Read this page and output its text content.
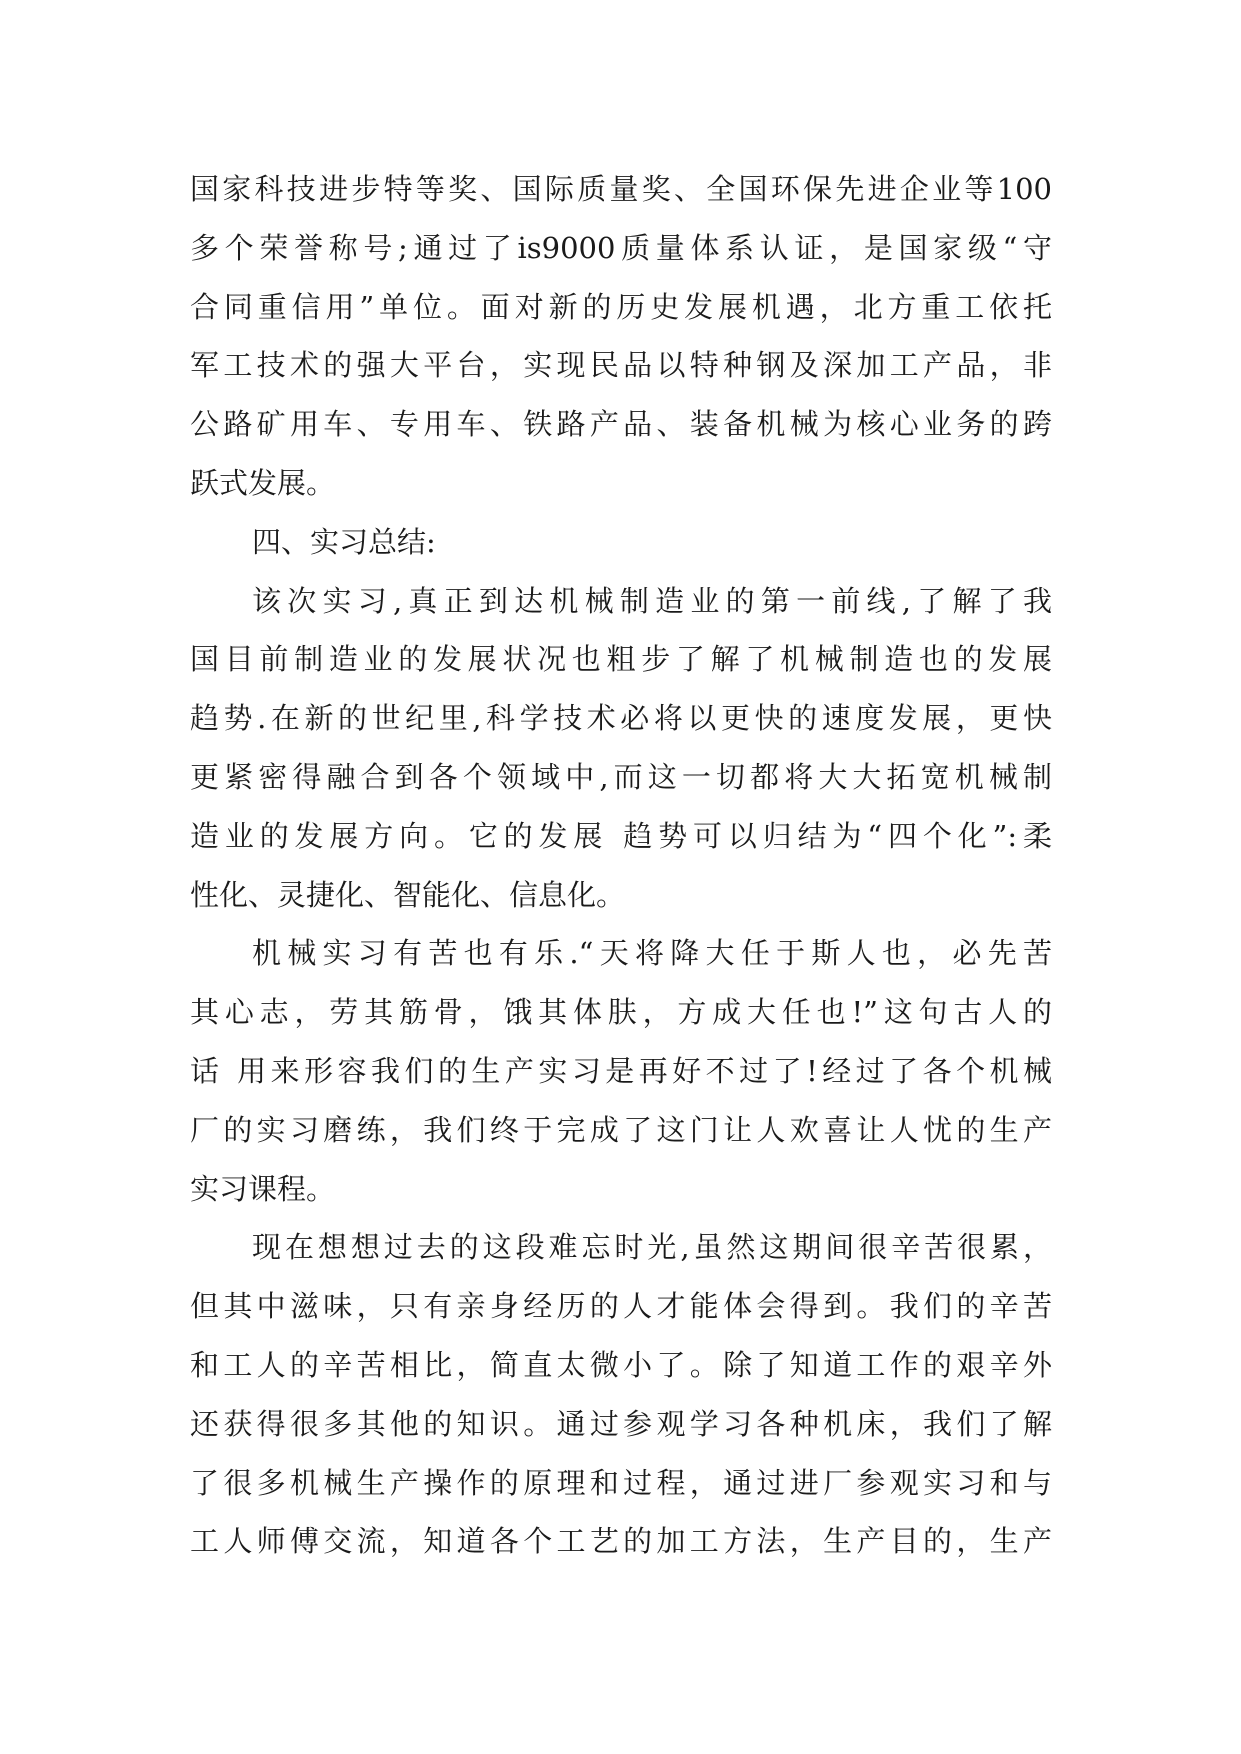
国家科技进步特等奖、国际质量奖、全国环保先进企业等100
多个荣誉称号;通过了is9000质量体系认证，是国家级“守
合同重信用”单位。面对新的历史发展机遇，北方重工依托
军工技术的强大平台，实现民品以特种钢及深加工产品，非
公路矿用车、专用车、铁路产品、装备机械为核心业务的跨
跃式发展。
四、实习总结:
该次实习,真正到达机械制造业的第一前线,了解了我
国目前制造业的发展状况也粗步了解了机械制造也的发展
趋势.在新的世纪里,科学技术必将以更快的速度发展，更快
更紧密得融合到各个领域中,而这一切都将大大拓宽机械制
造业的发展方向。它的发展 趋势可以归结为“四个化”:柔
性化、灵捷化、智能化、信息化。
机械实习有苦也有乐.“天将降大任于斯人也，必先苦
其心志，劳其筋骨，饿其体肤，方成大任也!”这句古人的
话 用来形容我们的生产实习是再好不过了!经过了各个机械
厂的实习磨练，我们终于完成了这门让人欢喜让人忧的生产
实习课程。
现在想想过去的这段难忘时光,虽然这期间很辛苦很累，
但其中滋味，只有亲身经历的人才能体会得到。我们的辛苦
和工人的辛苦相比，简直太微小了。除了知道工作的艰辛外
还获得很多其他的知识。通过参观学习各种机床，我们了解
了很多机械生产操作的原理和过程，通过进厂参观实习和与
工人师傅交流，知道各个工艺的加工方法，生产目的，生产
